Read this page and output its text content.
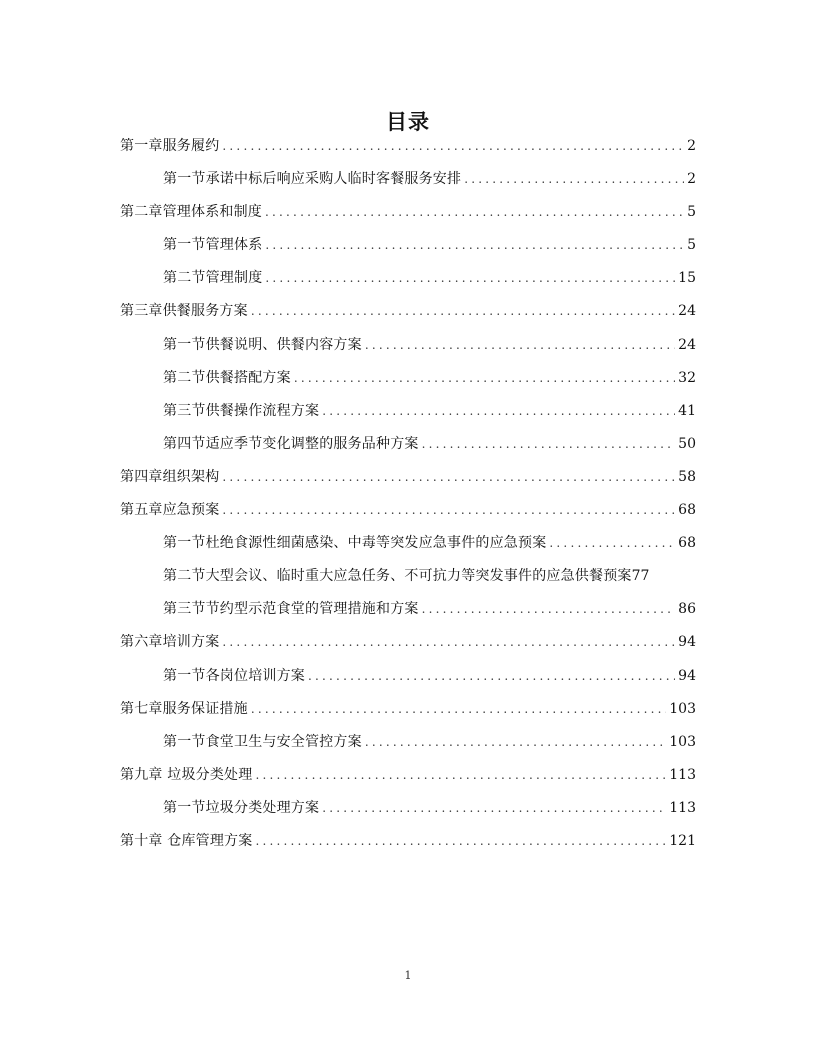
目录
第一章服务履约 .....	2
第一节承诺中标后响应采购人临时客餐服务安排 .....	2
第二章管理体系和制度 .....	5
第一节管理体系 .....	5
第二节管理制度 .....	15
第三章供餐服务方案 .....	24
第一节供餐说明、供餐内容方案 .....	24
第二节供餐搭配方案 .....	32
第三节供餐操作流程方案 .....	41
第四节适应季节变化调整的服务品种方案 .....	50
第四章组织架构 .....	58
第五章应急预案 .....	68
第一节杜绝食源性细菌感染、中毒等突发应急事件的应急预案 .....	68
第二节大型会议、临时重大应急任务、不可抗力等突发事件的应急供餐预案 77
第三节节约型示范食堂的管理措施和方案 .....	86
第六章培训方案 .....	94
第一节各岗位培训方案 .....	94
第七章服务保证措施 .....	103
第一节食堂卫生与安全管控方案 .....	103
第九章 垃圾分类处理 .....	113
第一节垃圾分类处理方案 .....	113
第十章 仓库管理方案 .....	121
1
